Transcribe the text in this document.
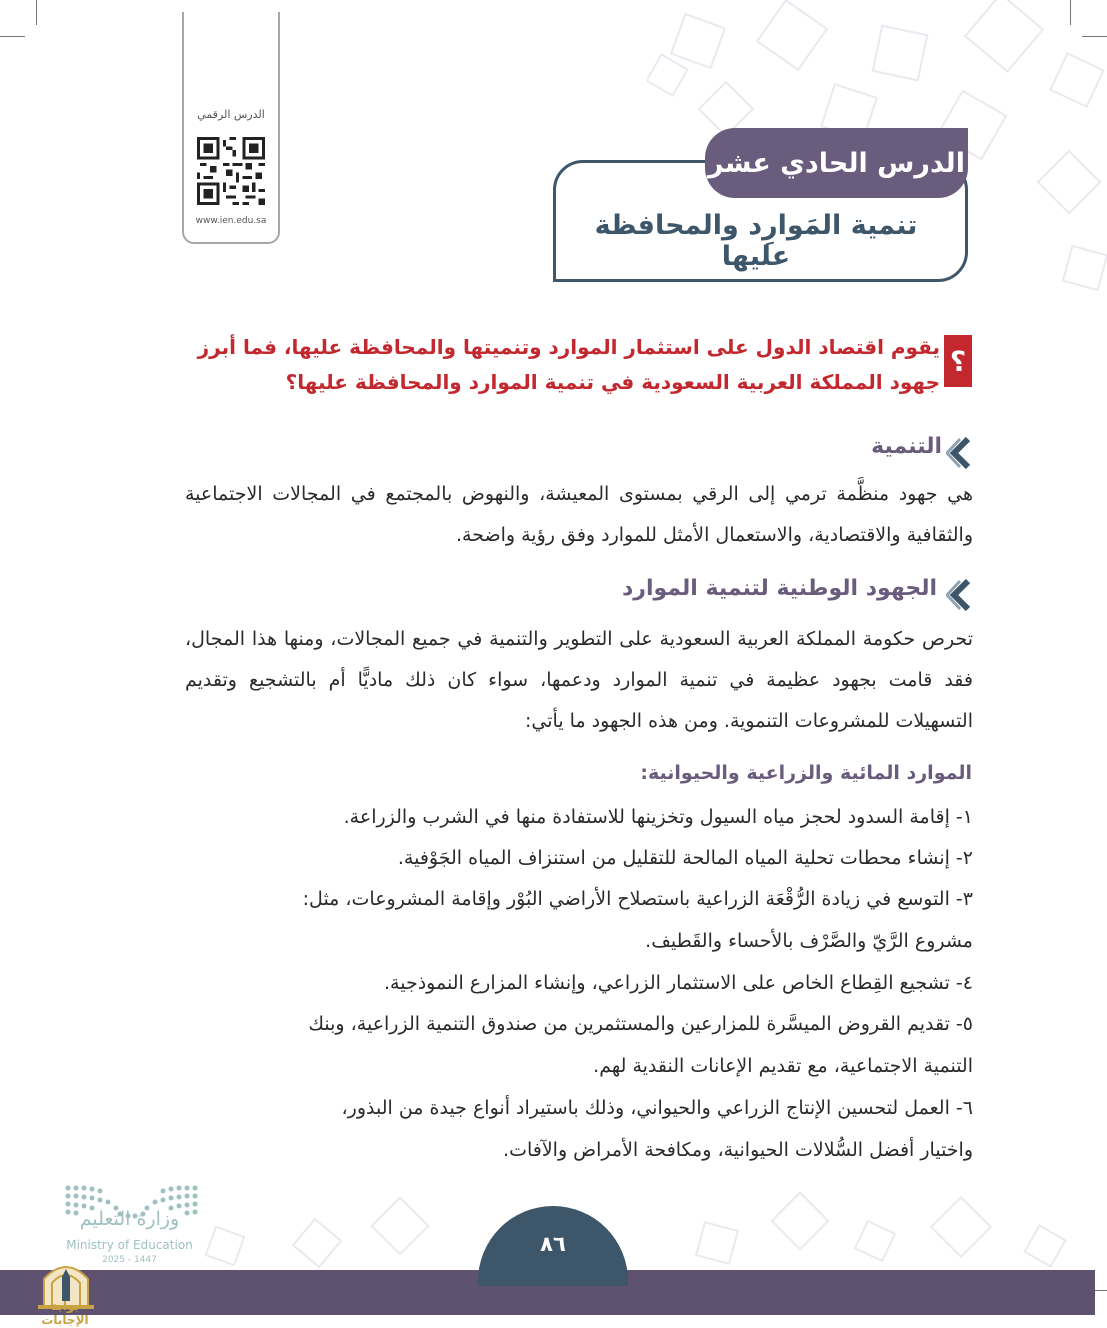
الدرس الرقمي
www.ien.edu.sa
الدرس الحادي عشر
تنمية المَوارِد والمحافظة عليها
؟
يقوم اقتصاد الدول على استثمار الموارد وتنميتها والمحافظة عليها، فما أبرز جهود المملكة العربية السعودية في تنمية الموارد والمحافظة عليها؟
التنمية
هي جهود منظَّمة ترمي إلى الرقي بمستوى المعيشة، والنهوض بالمجتمع في المجالات الاجتماعية والثقافية والاقتصادية، والاستعمال الأمثل للموارد وفق رؤية واضحة.
الجهود الوطنية لتنمية الموارد
تحرص حكومة المملكة العربية السعودية على التطوير والتنمية في جميع المجالات، ومنها هذا المجال، فقد قامت بجهود عظيمة في تنمية الموارد ودعمها، سواء كان ذلك ماديًّا أم بالتشجيع وتقديم التسهيلات للمشروعات التنموية. ومن هذه الجهود ما يأتي:
الموارد المائية والزراعية والحيوانية:
١- إقامة السدود لحجز مياه السيول وتخزينها للاستفادة منها في الشرب والزراعة.
٢- إنشاء محطات تحلية المياه المالحة للتقليل من استنزاف المياه الجَوْفية.
٣- التوسع في زيادة الرُّقْعَة الزراعية باستصلاح الأراضي البُوْر وإقامة المشروعات، مثل:
مشروع الرَّيّ والصَّرْف بالأحساء والقَطيف.
٤- تشجيع القِطاع الخاص على الاستثمار الزراعي، وإنشاء المزارع النموذجية.
٥- تقديم القروض الميسَّرة للمزارعين والمستثمرين من صندوق التنمية الزراعية، وبنك
التنمية الاجتماعية، مع تقديم الإعانات النقدية لهم.
٦- العمل لتحسين الإنتاج الزراعي والحيواني، وذلك باستيراد أنواع جيدة من البذور،
واختيار أفضل السُّلالات الحيوانية، ومكافحة الأمراض والآفات.
وزارة التعليم
Ministry of Education
2025 - 1447
٨٦
بوابة الإجابات
